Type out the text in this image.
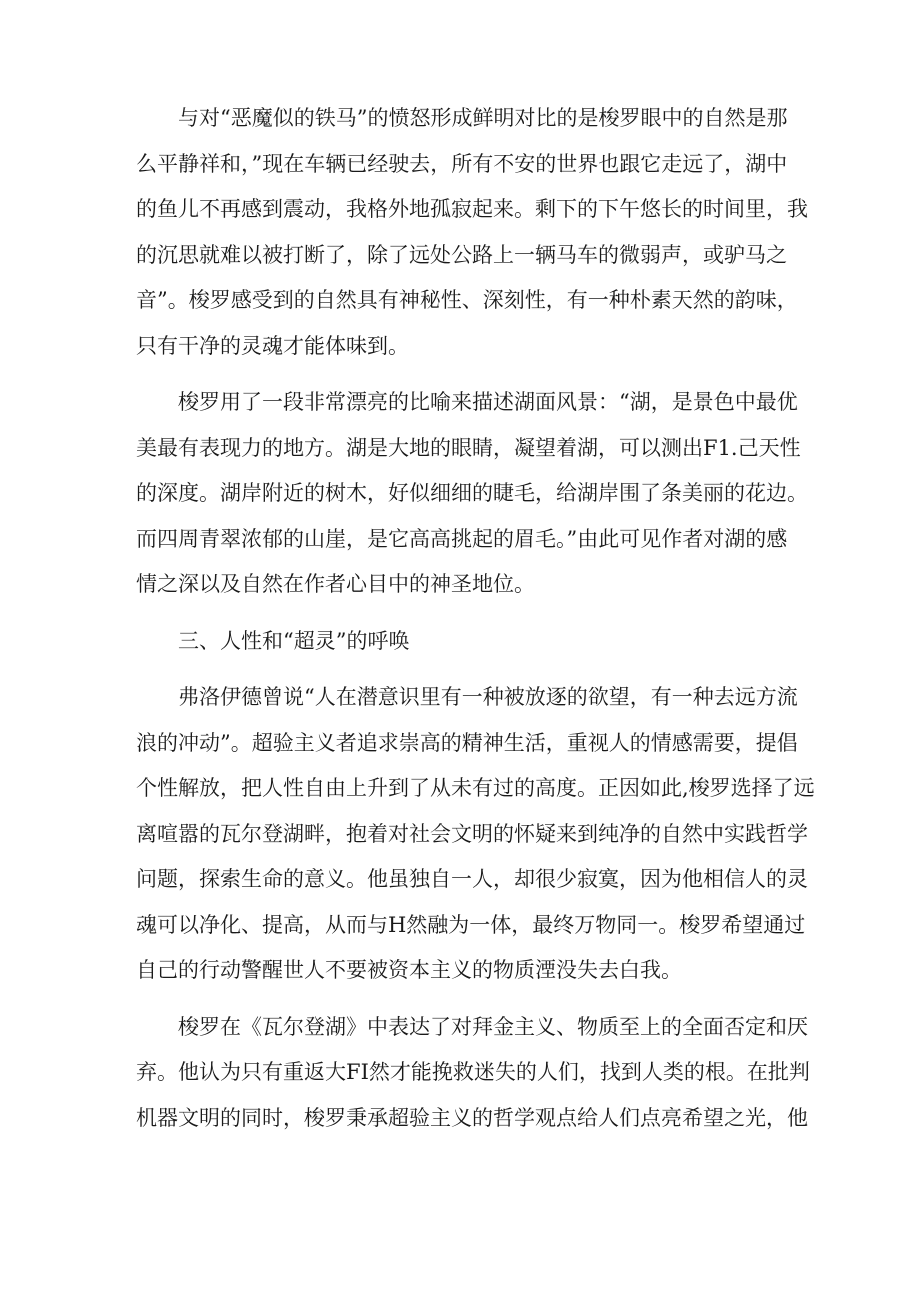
与对“恶魔似的铁马”的愤怒形成鲜明对比的是梭罗眼中的自然是那
么平静祥和，”现在车辆已经驶去，所有不安的世界也跟它走远了，湖中
的鱼儿不再感到震动，我格外地孤寂起来。剩下的下午悠长的时间里，我
的沉思就难以被打断了，除了远处公路上一辆马车的微弱声，或驴马之
音”。梭罗感受到的自然具有神秘性、深刻性，有一种朴素天然的韵味，
只有干净的灵魂才能体味到。
梭罗用了一段非常漂亮的比喻来描述湖面风景：“湖，是景色中最优
美最有表现力的地方。湖是大地的眼睛，凝望着湖，可以测出F1.己天性
的深度。湖岸附近的树木，好似细细的睫毛，给湖岸围了条美丽的花边。
而四周青翠浓郁的山崖，是它高高挑起的眉毛。”由此可见作者对湖的感
情之深以及自然在作者心目中的神圣地位。
三、人性和“超灵”的呼唤
弗洛伊德曾说“人在潜意识里有一种被放逐的欲望，有一种去远方流
浪的冲动”。超验主义者追求崇高的精神生活，重视人的情感需要，提倡
个性解放，把人性自由上升到了从未有过的高度。正因如此,梭罗选择了远
离喧嚣的瓦尔登湖畔，抱着对社会文明的怀疑来到纯净的自然中实践哲学
问题，探索生命的意义。他虽独自一人，却很少寂寞，因为他相信人的灵
魂可以净化、提高，从而与H然融为一体，最终万物同一。梭罗希望通过
自己的行动警醒世人不要被资本主义的物质湮没失去白我。
梭罗在《瓦尔登湖》中表达了对拜金主义、物质至上的全面否定和厌
弃。他认为只有重返大FI然才能挽救迷失的人们，找到人类的根。在批判
机器文明的同时，梭罗秉承超验主义的哲学观点给人们点亮希望之光，他
